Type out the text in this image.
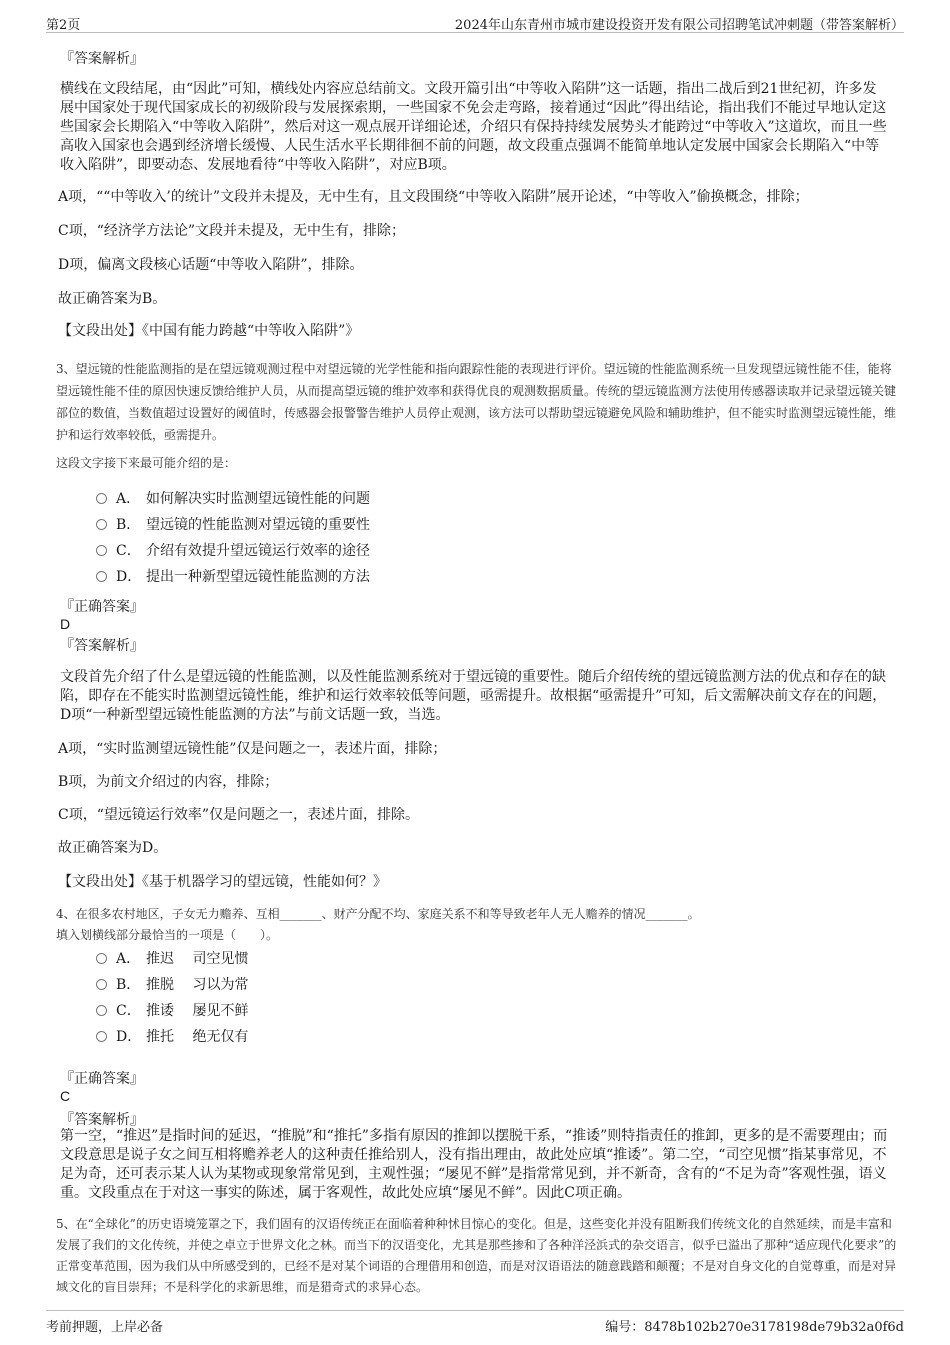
第2页	2024年山东青州市城市建设投资开发有限公司招聘笔试冲刺题（带答案解析）
『答案解析』

横线在文段结尾，由“因此”可知，横线处内容应总结前文。文段开篇引出“中等收入陷阱”这一话题，指出二战后到21世纪初，许多发展中国家处于现代国家成长的初级阶段与发展探索期，一些国家不免会走弯路，接着通过“因此”得出结论，指出我们不能过早地认定这些国家会长期陷入“中等收入陷阱”，然后对这一观点展开详细论述，介绍只有保持持续发展势头才能跨过“中等收入”这道坎，而且一些高收入国家也会遇到经济增长缓慢、人民生活水平长期徘徊不前的问题，故文段重点强调不能简单地认定发展中国家会长期陷入“中等收入陷阱”，即要动态、发展地看待“中等收入陷阱”，对应B项。

A项，““中等收入’的统计”文段并未提及，无中生有，且文段围绕“中等收入陷阱”展开论述，“中等收入”偷换概念，排除；

C项，“经济学方法论”文段并未提及，无中生有，排除；

D项，偏离文段核心话题“中等收入陷阱”，排除。

故正确答案为B。

【文段出处】《中国有能力跨越“中等收入陷阱”》

3、望远镜的性能监测指的是在望远镜观测过程中对望远镜的光学性能和指向跟踪性能的表现进行评价。望远镜的性能监测系统一旦发现望远镜性能不佳，能将望远镜性能不佳的原因快速反馈给维护人员，从而提高望远镜的维护效率和获得优良的观测数据质量。传统的望远镜监测方法使用传感器读取并记录望远镜关键部位的数值，当数值超过设置好的阈值时，传感器会报警警告维护人员停止观测，该方法可以帮助望远镜避免风险和辅助维护，但不能实时监测望远镜性能，维护和运行效率较低，亟需提升。

这段文字接下来最可能介绍的是：

A． 如何解决实时监测望远镜性能的问题
B． 望远镜的性能监测对望远镜的重要性
C． 介绍有效提升望远镜运行效率的途径
D． 提出一种新型望远镜性能监测的方法
『正确答案』
D
『答案解析』

文段首先介绍了什么是望远镜的性能监测，以及性能监测系统对于望远镜的重要性。随后介绍传统的望远镜监测方法的优点和存在的缺陷，即存在不能实时监测望远镜性能，维护和运行效率较低等问题，亟需提升。故根据“亟需提升”可知，后文需解决前文存在的问题，D项“一种新型望远镜性能监测的方法”与前文话题一致，当选。

A项，“实时监测望远镜性能”仅是问题之一，表述片面，排除；

B项，为前文介绍过的内容，排除；

C项，“望远镜运行效率”仅是问题之一，表述片面，排除。

故正确答案为D。

【文段出处】《基于机器学习的望远镜，性能如何？》

4、在很多农村地区，子女无力赡养、互相_______、财产分配不均、家庭关系不和等导致老年人无人赡养的情况_______。

填入划横线部分最恰当的一项是（　　）。

A． 推迟　 司空见惯
B． 推脱　 习以为常
C． 推诿　 屡见不鲜
D． 推托　 绝无仅有
『正确答案』
C
『答案解析』

第一空，“推迟”是指时间的延迟，“推脱”和“推托”多指有原因的推卸以摆脱干系，“推诿”则特指责任的推卸，更多的是不需要理由；而文段意思是说子女之间互相将赡养老人的这种责任推给别人，没有指出理由，故此处应填“推诿”。第二空，“司空见惯”指某事常见，不足为奇，还可表示某人认为某物或现象常常见到，主观性强；“屡见不鲜”是指常常见到，并不新奇，含有的“不足为奇”客观性强，语义重。文段重点在于对这一事实的陈述，属于客观性，故此处应填“屡见不鲜”。因此C项正确。

5、在“全球化”的历史语境笼罩之下，我们固有的汉语传统正在面临着种种怵目惊心的变化。但是，这些变化并没有阻断我们传统文化的自然延续，而是丰富和发展了我们的文化传统，并使之卓立于世界文化之林。而当下的汉语变化，尤其是那些掺和了各种洋泾浜式的杂交语言，似乎已溢出了那种“适应现代化要求”的正常变革范围，因为我们从中所感受到的，已经不是对某个词语的合理借用和创造，而是对汉语语法的随意践踏和颠覆；不是对自身文化的自觉尊重，而是对异域文化的盲目崇拜；不是科学化的求新思维，而是猎奇式的求异心态。

考前押题，上岸必备	编号：8478b102b270e3178198de79b32a0f6d
